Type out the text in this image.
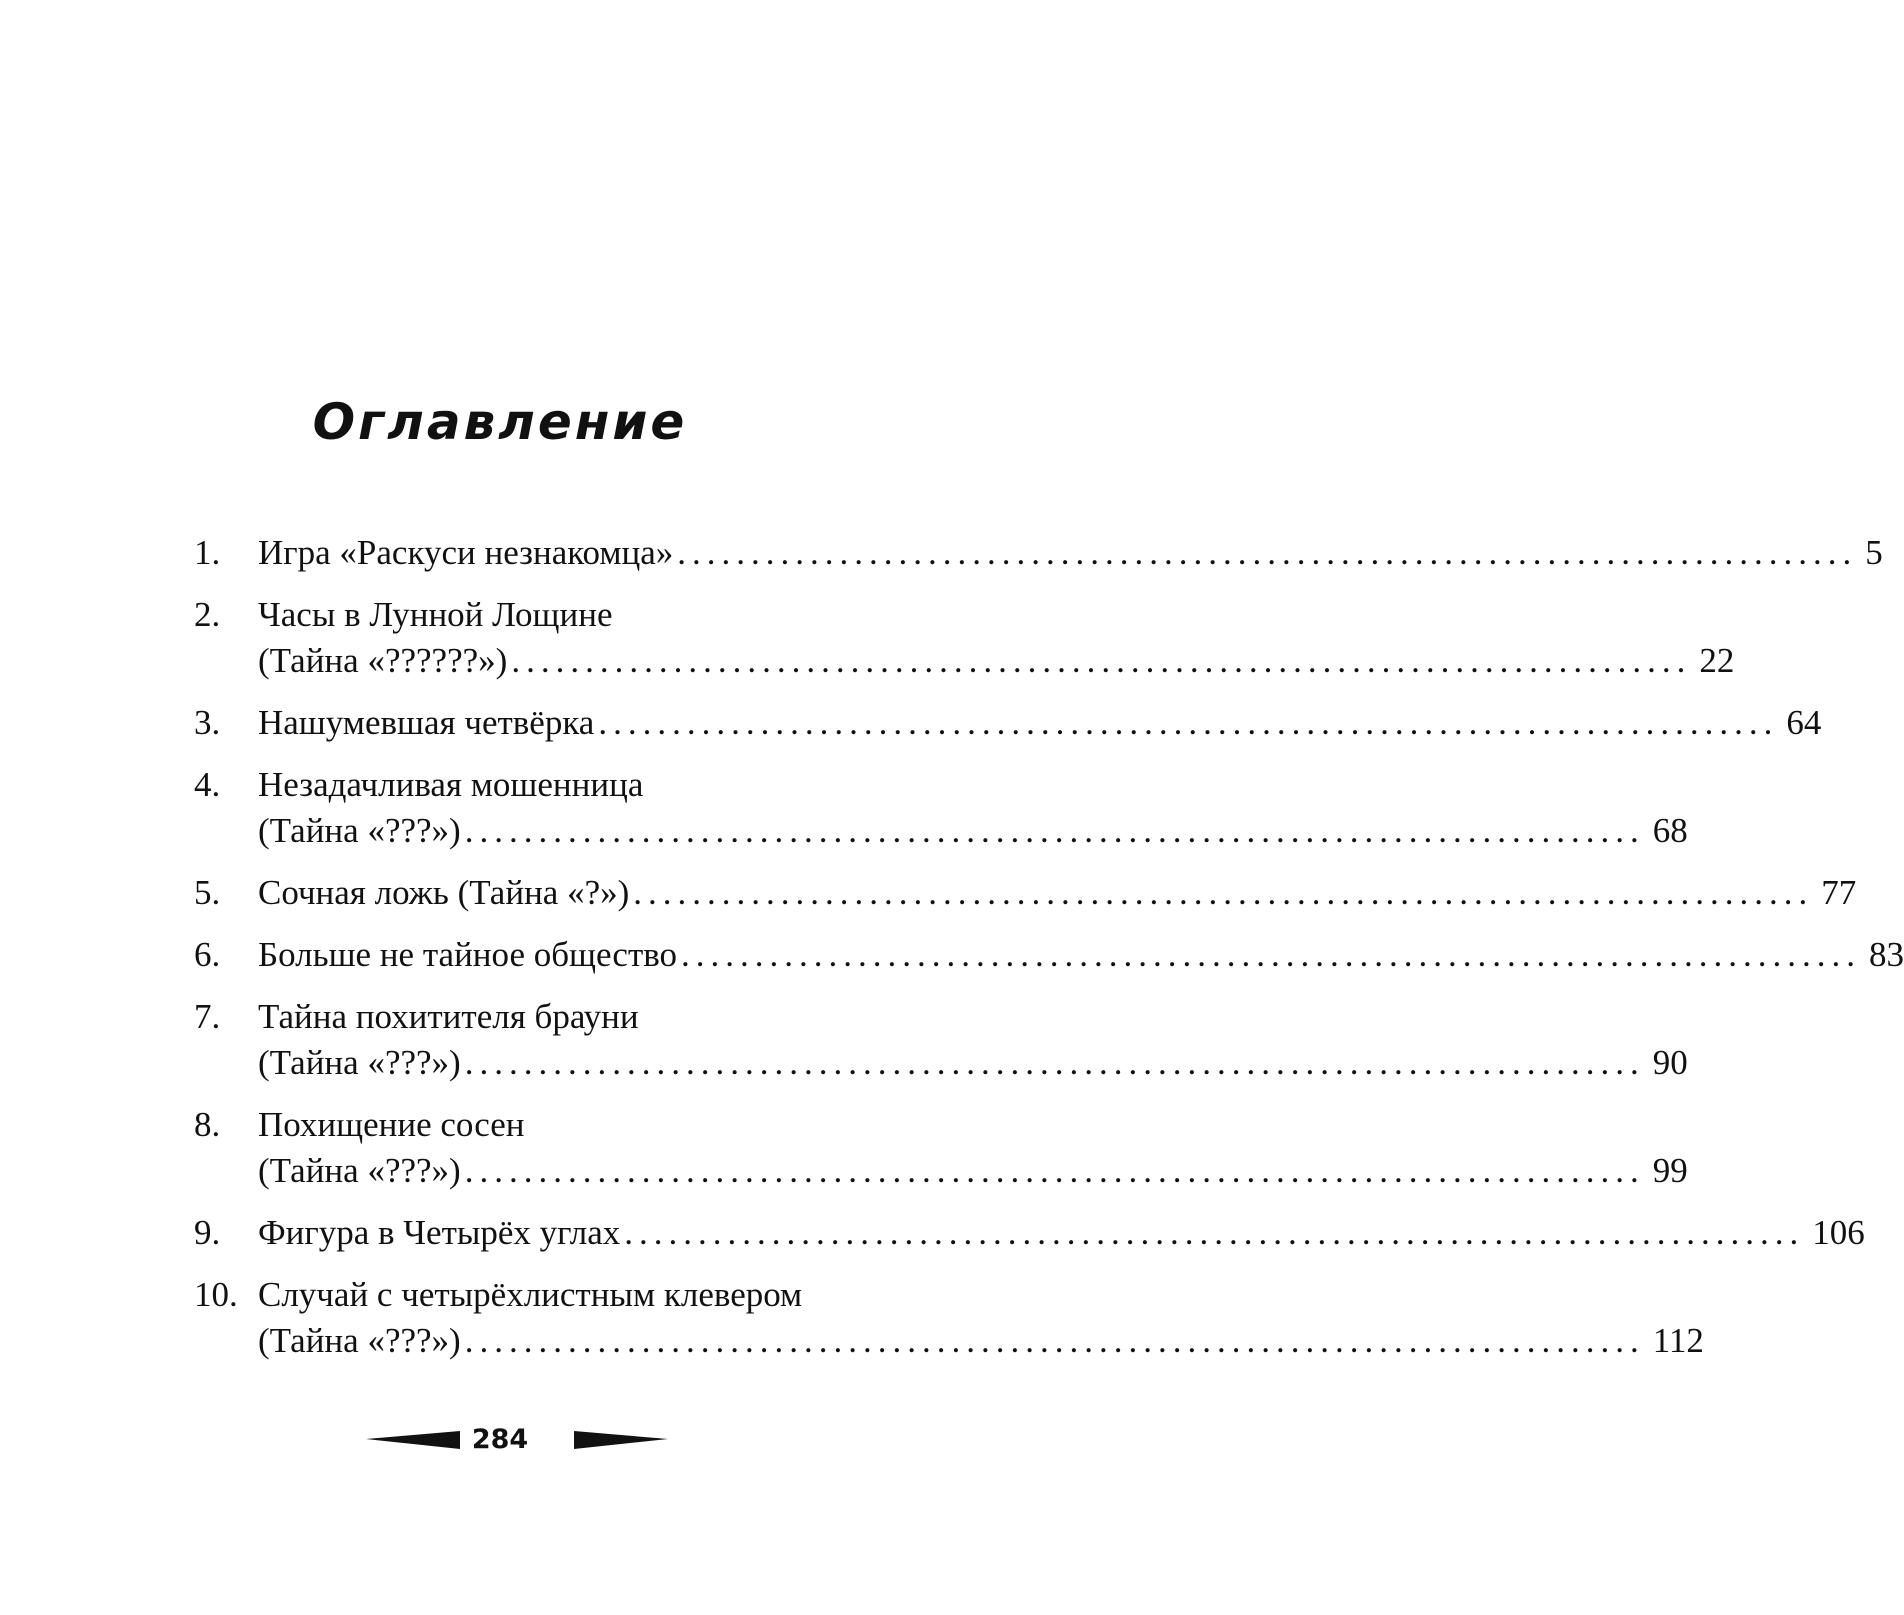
Оглавление
1. Игра «Раскуси незнакомца» ................................................................................ 5
2. Часы в Лунной Лощине
(Тайна «??????») ................................................................................ 22
3. Нашумевшая четвёрка ................................................................................ 64
4. Незадачливая мошенница
(Тайна «???») ................................................................................ 68
5. Сочная ложь (Тайна «?») ................................................................................ 77
6. Больше не тайное общество ................................................................................ 83
7. Тайна похитителя брауни
(Тайна «???») ................................................................................ 90
8. Похищение сосен
(Тайна «???») ................................................................................ 99
9. Фигура в Четырёх углах ................................................................................ 106
10. Случай с четырёхлистным клевером
(Тайна «???») ................................................................................ 112
284
